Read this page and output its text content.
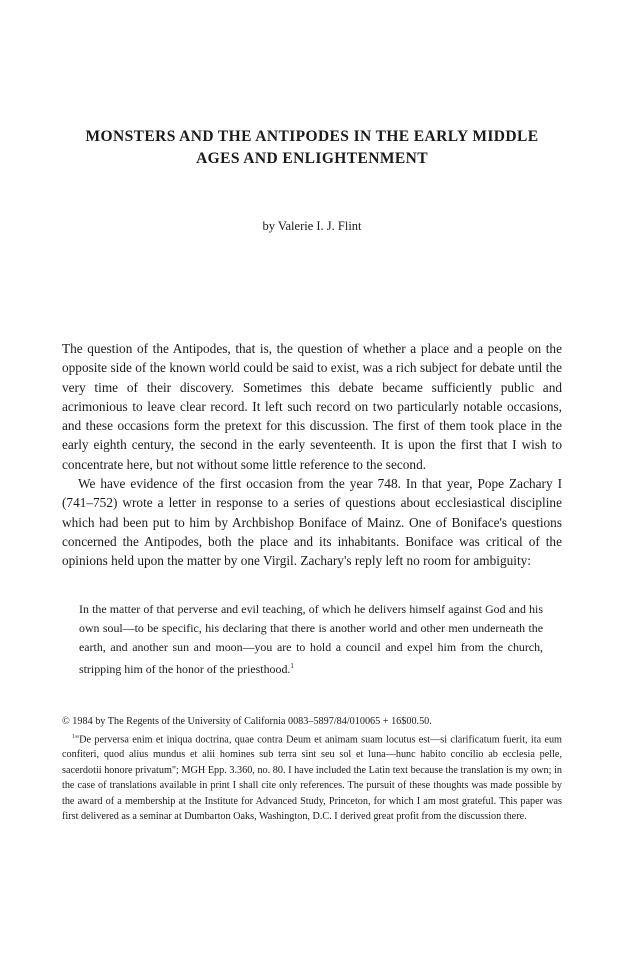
MONSTERS AND THE ANTIPODES IN THE EARLY MIDDLE
AGES AND ENLIGHTENMENT

by Valerie I. J. Flint

The question of the Antipodes, that is, the question of whether a place and a people on the opposite side of the known world could be said to exist, was a rich subject for debate until the very time of their discovery. Sometimes this debate became sufficiently public and acrimonious to leave clear record. It left such record on two particularly notable occasions, and these occasions form the pretext for this discussion. The first of them took place in the early eighth century, the second in the early seventeenth. It is upon the first that I wish to concentrate here, but not without some little reference to the second.

We have evidence of the first occasion from the year 748. In that year, Pope Zachary I (741–752) wrote a letter in response to a series of questions about ecclesiastical discipline which had been put to him by Archbishop Boniface of Mainz. One of Boniface's questions concerned the Antipodes, both the place and its inhabitants. Boniface was critical of the opinions held upon the matter by one Virgil. Zachary's reply left no room for ambiguity:

In the matter of that perverse and evil teaching, of which he delivers himself against God and his own soul—to be specific, his declaring that there is another world and other men underneath the earth, and another sun and moon—you are to hold a council and expel him from the church, stripping him of the honor of the priesthood.$^1$

© 1984 by The Regents of the University of California 0083–5897/84/010065 + 16$00.50.

$^1$"De perversa enim et iniqua doctrina, quae contra Deum et animam suam locutus est—si clarificatum fuerit, ita eum confiteri, quod alius mundus et alii homines sub terra sint seu sol et luna—hunc habito concilio ab ecclesia pelle, sacerdotii honore privatum"; MGH Epp. 3.360, no. 80. I have included the Latin text because the translation is my own; in the case of translations available in print I shall cite only references. The pursuit of these thoughts was made possible by the award of a membership at the Institute for Advanced Study, Princeton, for which I am most grateful. This paper was first delivered as a seminar at Dumbarton Oaks, Washington, D.C. I derived great profit from the discussion there.
